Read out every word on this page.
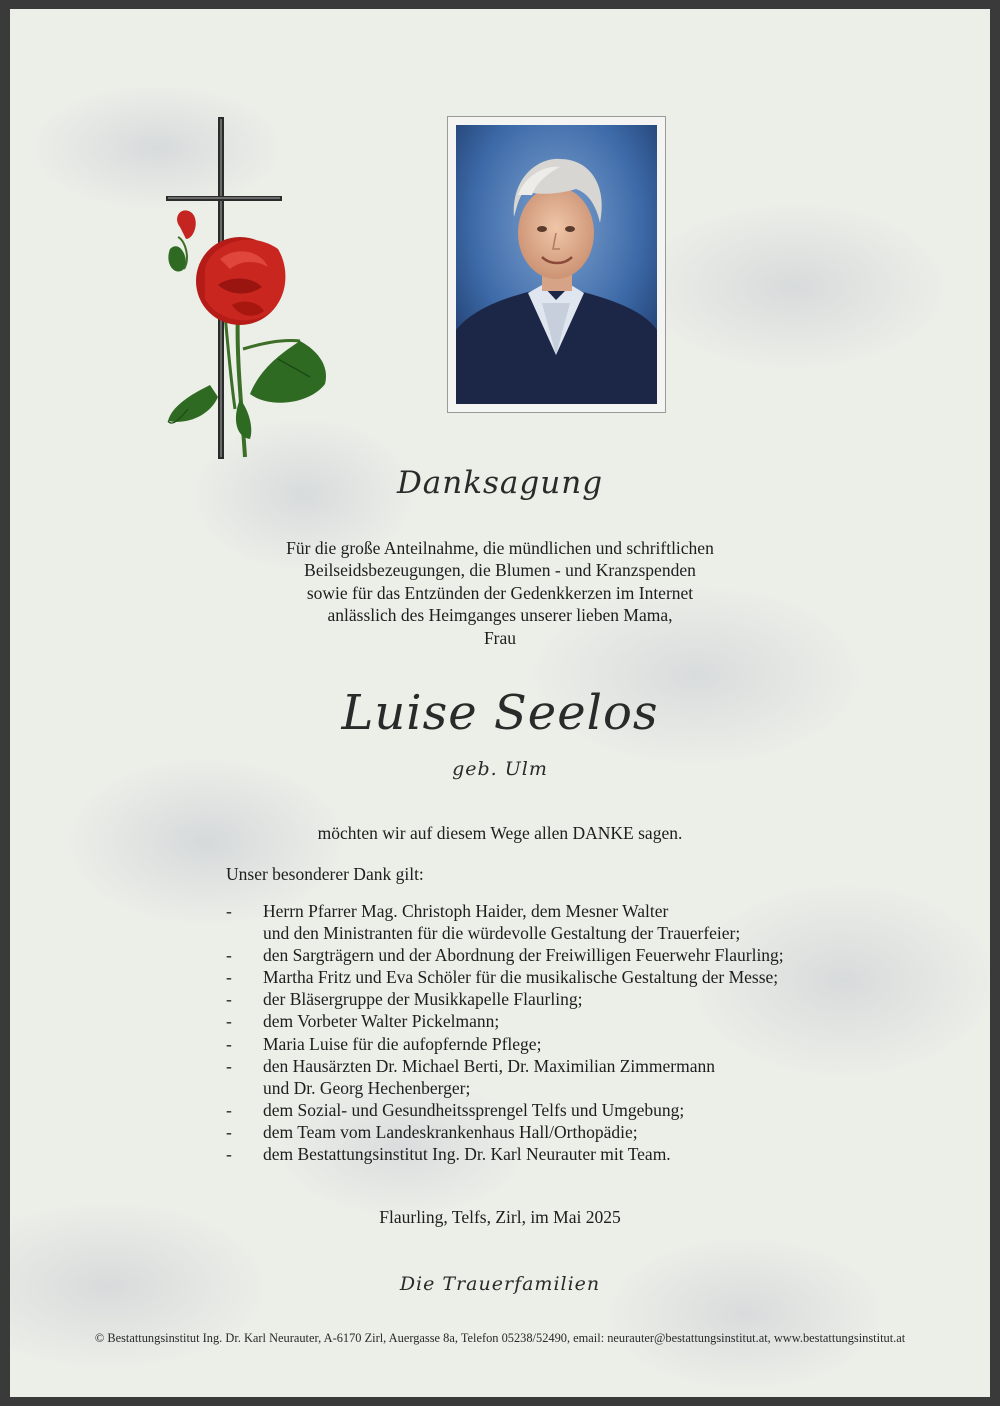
Danksagung
Für die große Anteilnahme, die mündlichen und schriftlichen
Beilseidsbezeugungen, die Blumen - und Kranzspenden
sowie für das Entzünden der Gedenkkerzen im Internet
anlässlich des Heimganges unserer lieben Mama,
Frau
Luise Seelos
geb. Ulm
möchten wir auf diesem Wege allen DANKE sagen.
Unser besonderer Dank gilt:
-	Herrn Pfarrer Mag. Christoph Haider, dem Mesner Walter
und den Ministranten für die würdevolle Gestaltung der Trauerfeier;
-	den Sargträgern und der Abordnung der Freiwilligen Feuerwehr Flaurling;
-	Martha Fritz und Eva Schöler für die musikalische Gestaltung der Messe;
-	der Bläsergruppe der Musikkapelle Flaurling;
-	dem Vorbeter Walter Pickelmann;
-	Maria Luise für die aufopfernde Pflege;
-	den Hausärzten Dr. Michael Berti, Dr. Maximilian Zimmermann
und Dr. Georg Hechenberger;
-	dem Sozial- und Gesundheitssprengel Telfs und Umgebung;
-	dem Team vom Landeskrankenhaus Hall/Orthopädie;
-	dem Bestattungsinstitut Ing. Dr. Karl Neurauter mit Team.
Flaurling, Telfs, Zirl, im Mai 2025
Die Trauerfamilien
© Bestattungsinstitut Ing. Dr. Karl Neurauter, A-6170 Zirl, Auergasse 8a, Telefon 05238/52490, email: neurauter@bestattungsinstitut.at, www.bestattungsinstitut.at
